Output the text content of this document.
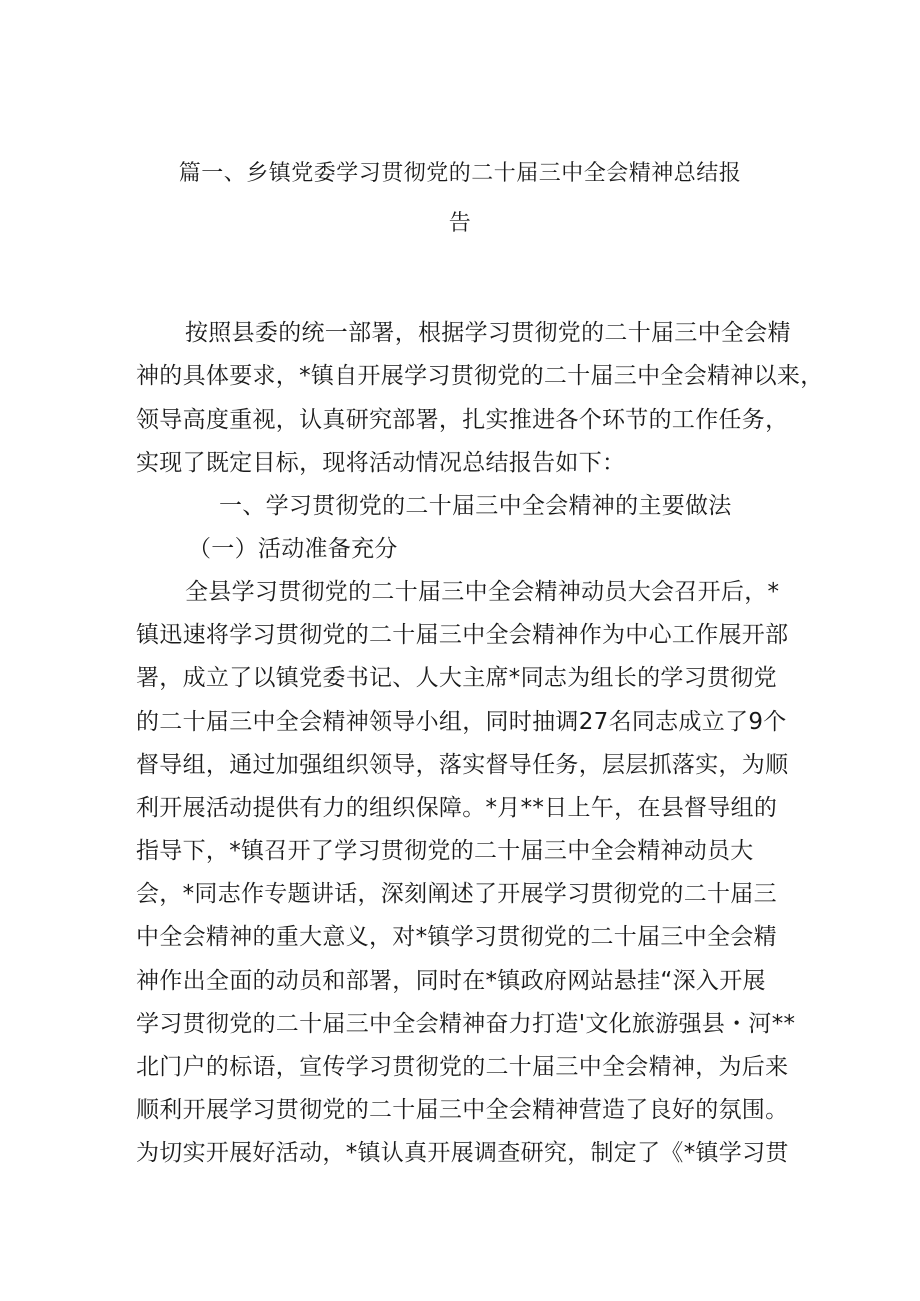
篇一、乡镇党委学习贯彻党的二十届三中全会精神总结报
告
按照县委的统一部署，根据学习贯彻党的二十届三中全会精
神的具体要求，*镇自开展学习贯彻党的二十届三中全会精神以来，
领导高度重视，认真研究部署，扎实推进各个环节的工作任务，
实现了既定目标，现将活动情况总结报告如下：
一、学习贯彻党的二十届三中全会精神的主要做法
（一）活动准备充分
全县学习贯彻党的二十届三中全会精神动员大会召开后，*
镇迅速将学习贯彻党的二十届三中全会精神作为中心工作展开部
署，成立了以镇党委书记、人大主席*同志为组长的学习贯彻党
的二十届三中全会精神领导小组，同时抽调27名同志成立了9个
督导组，通过加强组织领导，落实督导任务，层层抓落实，为顺
利开展活动提供有力的组织保障。*月**日上午，在县督导组的
指导下，*镇召开了学习贯彻党的二十届三中全会精神动员大
会，*同志作专题讲话，深刻阐述了开展学习贯彻党的二十届三
中全会精神的重大意义，对*镇学习贯彻党的二十届三中全会精
神作出全面的动员和部署，同时在*镇政府网站悬挂“深入开展
学习贯彻党的二十届三中全会精神奋力打造'文化旅游强县・河**
北门户的标语，宣传学习贯彻党的二十届三中全会精神，为后来
顺利开展学习贯彻党的二十届三中全会精神营造了良好的氛围。
为切实开展好活动，*镇认真开展调查研究，制定了《*镇学习贯
